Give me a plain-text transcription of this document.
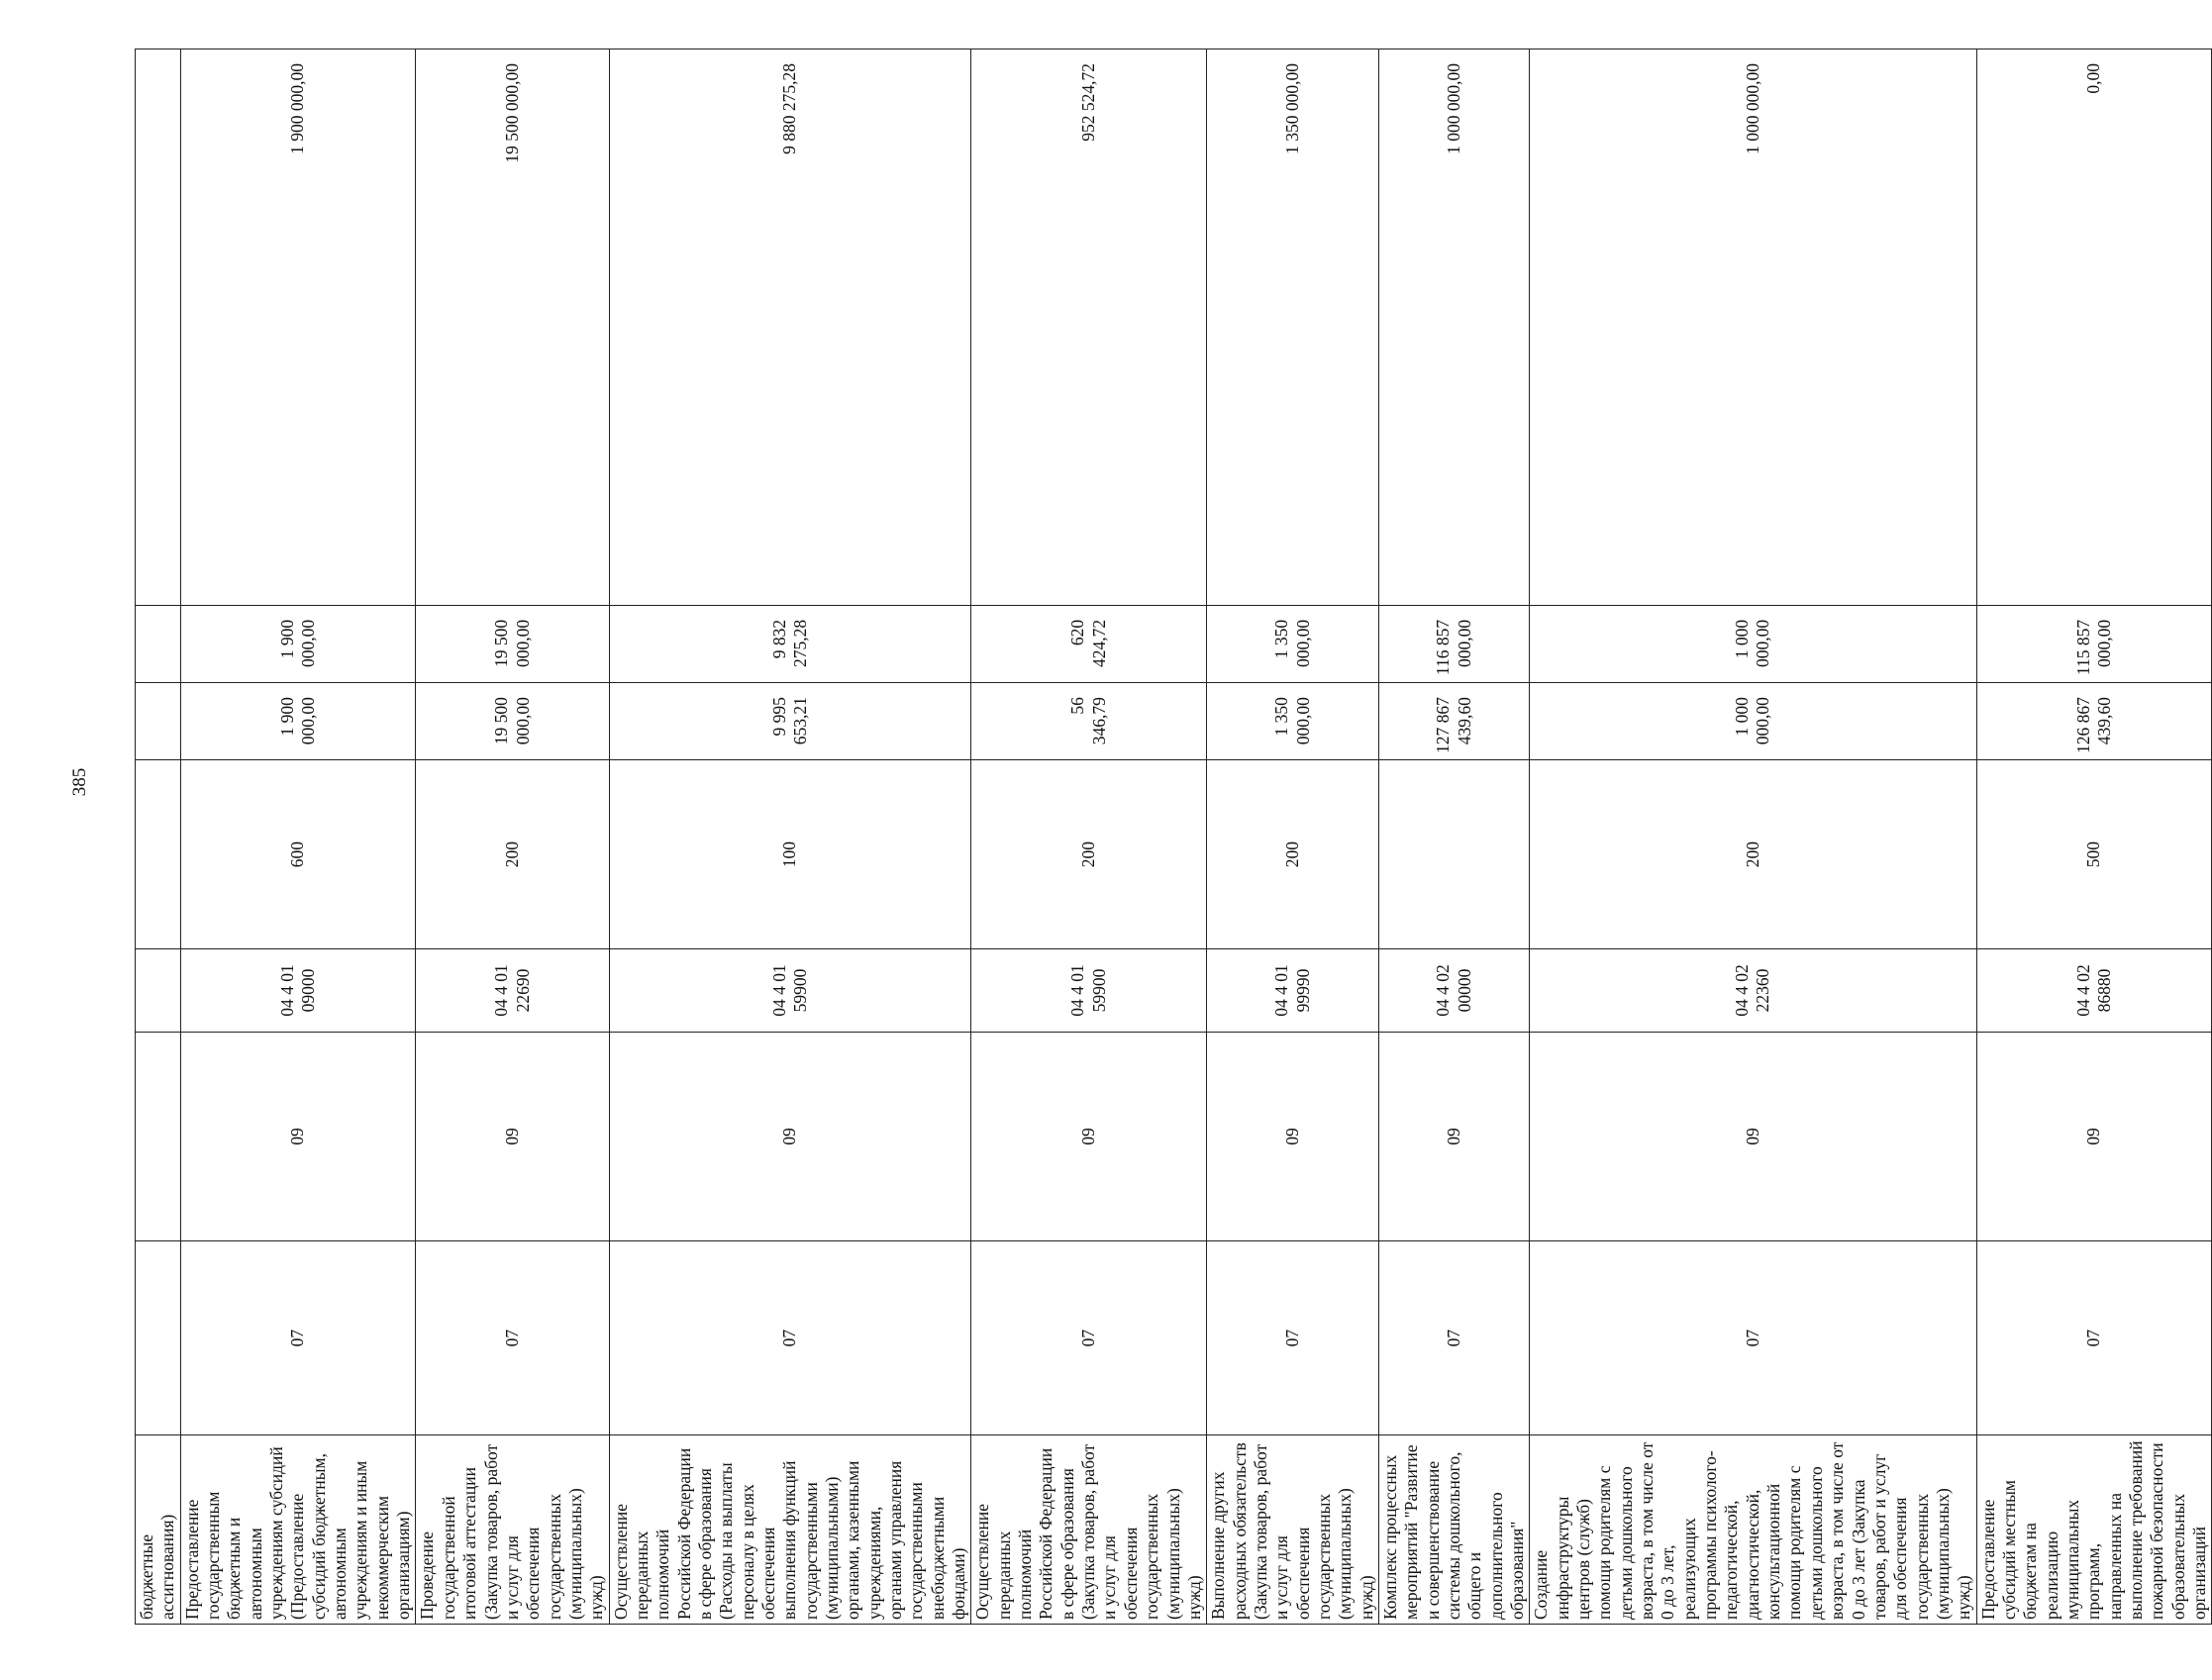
385
бюджетные ассигнования)							
Предоставление государственным бюджетным и автономным учреждениям субсидий (Предоставление субсидий бюджетным, автономным учреждениям и иным некоммерческим организациям)	07	09	04 4 01 09000	600	1 900 000,00	1 900 000,00	1 900 000,00
Проведение государственной итоговой аттестации (Закупка товаров, работ и услуг для обеспечения государственных (муниципальных) нужд)	07	09	04 4 01 22690	200	19 500 000,00	19 500 000,00	19 500 000,00
Осуществление переданных полномочий Российской Федерации в сфере образования (Расходы на выплаты персоналу в целях обеспечения выполнения функций государственными (муниципальными) органами, казенными учреждениями, органами управления государственными внебюджетными фондами)	07	09	04 4 01 59900	100	9 995 653,21	9 832 275,28	9 880 275,28
Осуществление переданных полномочий Российской Федерации в сфере образования (Закупка товаров, работ и услуг для обеспечения государственных (муниципальных) нужд)	07	09	04 4 01 59900	200	56 346,79	620 424,72	952 524,72
Выполнение других расходных обязательств (Закупка товаров, работ и услуг для обеспечения государственных (муниципальных) нужд)	07	09	04 4 01 99990	200	1 350 000,00	1 350 000,00	1 350 000,00
Комплекс процессных мероприятий "Развитие и совершенствование системы дошкольного, общего и дополнительного образования"	07	09	04 4 02 00000		127 867 439,60	116 857 000,00	1 000 000,00
Создание инфраструктуры центров (служб) помощи родителям с детьми дошкольного возраста, в том числе от 0 до 3 лет, реализующих программы психолого-педагогической, диагностической, консультационной помощи родителям с детьми дошкольного возраста, в том числе от 0 до 3 лет (Закупка товаров, работ и услуг для обеспечения государственных (муниципальных) нужд)	07	09	04 4 02 22360	200	1 000 000,00	1 000 000,00	1 000 000,00
Предоставление субсидий местным бюджетам на реализацию муниципальных программ, направленных на выполнение требований пожарной безопасности образовательных организаций	07	09	04 4 02 86880	500	126 867 439,60	115 857 000,00	0,00
